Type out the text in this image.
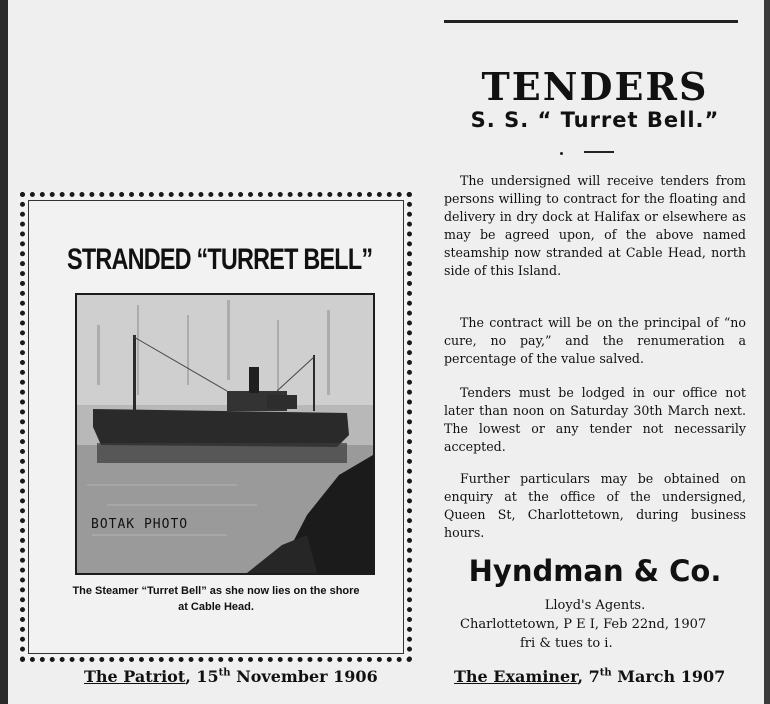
STRANDED “TURRET BELL”
BOTAK PHOTO
The Steamer “Turret Bell” as she now lies on the shore
at Cable Head.
The Patriot, 15th November 1906
TENDERS
S. S. “ Turret Bell.”
The undersigned will receive tenders from persons willing to contract for the floating and delivery in dry dock at Halifax or elsewhere as may be agreed upon, of the above named steamship now stranded at Cable Head, north side of this Island.
The contract will be on the principal of “no cure, no pay,” and the renumeration a percentage of the value salved.
Tenders must be lodged in our office not later than noon on Saturday 30th March next. The lowest or any tender not necessarily accepted.
Further particulars may be obtained on enquiry at the office of the undersigned, Queen St, Charlottetown, during business hours.
Hyndman & Co.
Lloyd's Agents.
Charlottetown, P E I, Feb 22nd, 1907
fri & tues to i.
The Examiner, 7th March 1907
